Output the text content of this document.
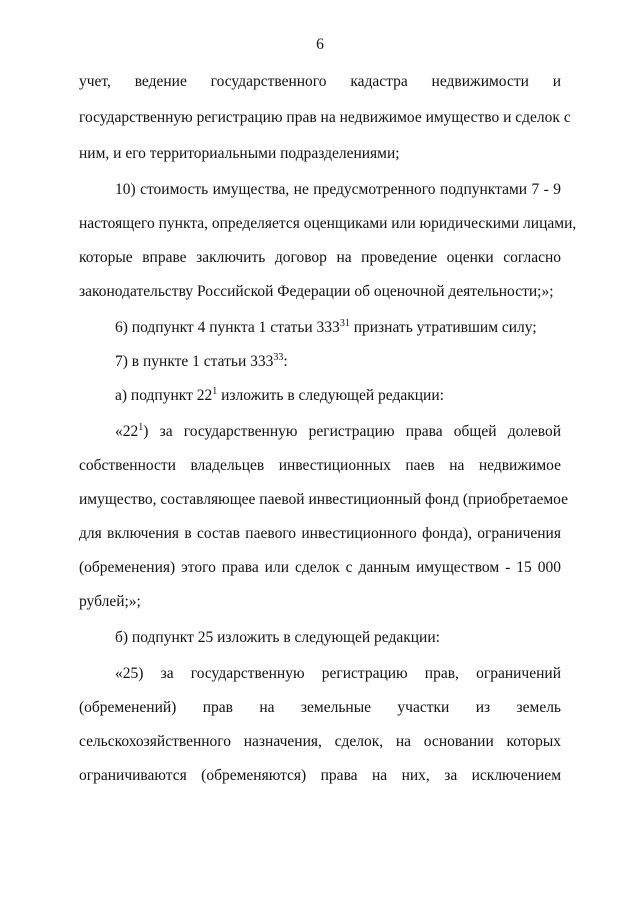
6
учет, ведение государственного кадастра недвижимости и
государственную регистрацию прав на недвижимое имущество и сделок с
ним, и его территориальными подразделениями;
10) стоимость имущества, не предусмотренного подпунктами 7 - 9
настоящего пункта, определяется оценщиками или юридическими лицами,
которые вправе заключить договор на проведение оценки согласно
законодательству Российской Федерации об оценочной деятельности;»;
6) подпункт 4 пункта 1 статьи $333^{31}$ признать утратившим силу;
7) в пункте 1 статьи $333^{33}$:
а) подпункт $22^1$ изложить в следующей редакции:
«$22^1$) за государственную регистрацию права общей долевой
собственности владельцев инвестиционных паев на недвижимое
имущество, составляющее паевой инвестиционный фонд (приобретаемое
для включения в состав паевого инвестиционного фонда), ограничения
(обременения) этого права или сделок с данным имуществом - 15 000
рублей;»;
б) подпункт 25 изложить в следующей редакции:
«25) за государственную регистрацию прав, ограничений
(обременений) прав на земельные участки из земель
сельскохозяйственного назначения, сделок, на основании которых
ограничиваются (обременяются) права на них, за исключением
